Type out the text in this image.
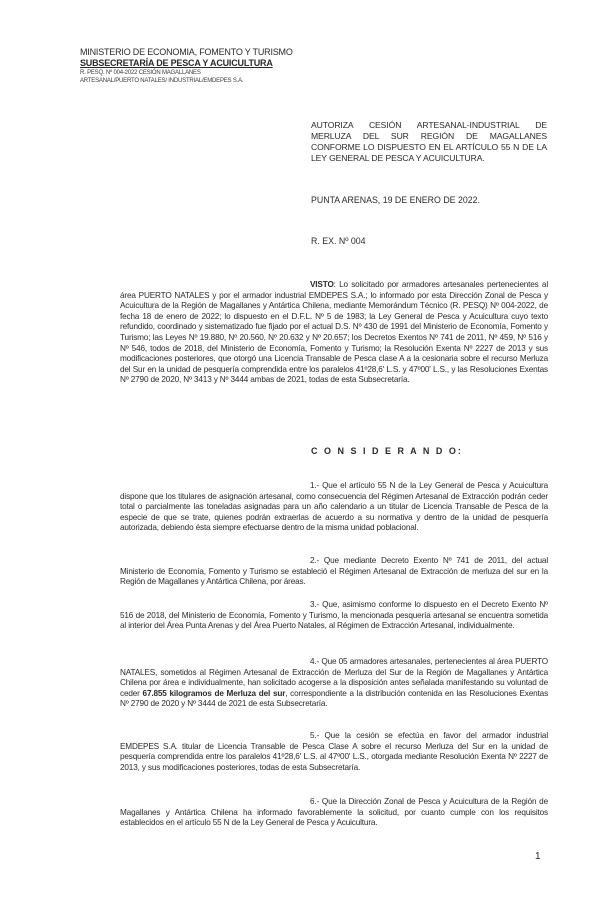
MINISTERIO DE ECONOMIA, FOMENTO Y TURISMO
SUBSECRETARÍA DE PESCA Y ACUICULTURA
R. PESQ. Nº 004-2022 CESIÓN MAGALLANES
ARTESANAL/PUERTO NATALES/ INDUSTRIAL/EMDEPES S.A.
AUTORIZA CESIÓN ARTESANAL-INDUSTRIAL DE MERLUZA DEL SUR REGIÓN DE MAGALLANES CONFORME LO DISPUESTO EN EL ARTÍCULO 55 N DE LA LEY GENERAL DE PESCA Y ACUICULTURA.
PUNTA ARENAS, 19 DE ENERO DE 2022.
R. EX. Nº 004

VISTO: Lo solicitado por armadores artesanales pertenecientes al área PUERTO NATALES y por el armador industrial EMDEPES S.A.; lo informado por esta Dirección Zonal de Pesca y Acuicultura de la Región de Magallanes y Antártica Chilena, mediante Memorándum Técnico (R. PESQ) Nº 004-2022, de fecha 18 de enero de 2022; lo dispuesto en el D.F.L. Nº 5 de 1983; la Ley General de Pesca y Acuicultura cuyo texto refundido, coordinado y sistematizado fue fijado por el actual D.S. Nº 430 de 1991 del Ministerio de Economía, Fomento y Turismo; las Leyes Nº 19.880, Nº 20.560, Nº 20.632 y Nº 20.657; los Decretos Exentos Nº 741 de 2011, Nº 459, Nº 516 y Nº 546, todos de 2018, del Ministerio de Economía, Fomento y Turismo; la Resolución Exenta Nº 2227 de 2013 y sus modificaciones posteriores, que otorgó una Licencia Transable de Pesca clase A a la cesionaria sobre el recurso Merluza del Sur en la unidad de pesquería comprendida entre los paralelos 41º28,6' L.S. y 47º00' L.S., y las Resoluciones Exentas Nº 2790 de 2020, Nº 3413 y Nº 3444 ambas de 2021, todas de esta Subsecretaría.

C O N S I D E R A N D O:

1.- Que el artículo 55 N de la Ley General de Pesca y Acuicultura dispone que los titulares de asignación artesanal, como consecuencia del Régimen Artesanal de Extracción podrán ceder total o parcialmente las toneladas asignadas para un año calendario a un titular de Licencia Transable de Pesca de la especie de que se trate, quienes podrán extraerlas de acuerdo a su normativa y dentro de la unidad de pesquería autorizada, debiendo ésta siempre efectuarse dentro de la misma unidad poblacional.

2.- Que mediante Decreto Exento Nº 741 de 2011, del actual Ministerio de Economía, Fomento y Turismo se estableció el Régimen Artesanal de Extracción de merluza del sur en la Región de Magallanes y Antártica Chilena, por áreas.

3.- Que, asimismo conforme lo dispuesto en el Decreto Exento Nº 516 de 2018, del Ministerio de Economía, Fomento y Turismo, la mencionada pesquería artesanal se encuentra sometida al interior del Área Punta Arenas y del Área Puerto Natales, al Régimen de Extracción Artesanal, individualmente.

4.- Que 05 armadores artesanales, pertenecientes al área PUERTO NATALES, sometidos al Régimen Artesanal de Extracción de Merluza del Sur de la Región de Magallanes y Antártica Chilena por área e individualmente, han solicitado acogerse a la disposición antes señalada manifestando su voluntad de ceder 67.855 kilogramos de Merluza del sur, correspondiente a la distribución contenida en las Resoluciones Exentas Nº 2790 de 2020 y Nº 3444 de 2021 de esta Subsecretaría.

5.- Que la cesión se efectúa en favor del armador industrial EMDEPES S.A. titular de Licencia Transable de Pesca Clase A sobre el recurso Merluza del Sur en la unidad de pesquería comprendida entre los paralelos 41º28,6' L.S. al 47º00' L.S., otorgada mediante Resolución Exenta Nº 2227 de 2013, y sus modificaciones posteriores, todas de esta Subsecretaría.

6.- Que la Dirección Zonal de Pesca y Acuicultura de la Región de Magallanes y Antártica Chilena ha informado favorablemente la solicitud, por cuanto cumple con los requisitos establecidos en el artículo 55 N de la Ley General de Pesca y Acuicultura.

1
